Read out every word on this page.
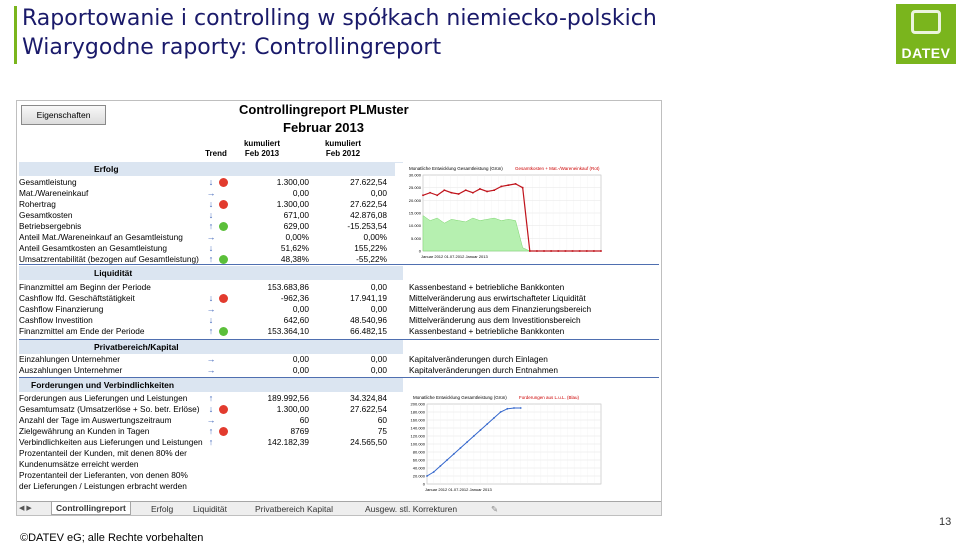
Raportowanie i controlling w spółkach niemiecko-polskich
Wiarygodne raporty: Controllingreport	DATEV
Eigenschaften	Controllingreport PLMuster
Februar 2013
Trend
kumuliert
Feb 2013
kumuliert
Feb 2012
Erfolg
Gesamtleistung	↓	1.300,00	27.622,54
Mat./Wareneinkauf	→	0,00	0,00
Rohertrag	↓	1.300,00	27.622,54
Gesamtkosten	↓	671,00	42.876,08
Betriebsergebnis	↑	629,00	-15.253,54
Anteil Mat./Wareneinkauf an Gesamtleistung	→	0,00%	0,00%
Anteil Gesamtkosten an Gesamtleistung	↓	51,62%	155,22%
Umsatzrentabilität (bezogen auf Gesamtleistung)	↑	48,38%	-55,22%
Liquidität
Finanzmittel am Beginn der Periode	153.683,86	0,00	Kassenbestand + betriebliche Bankkonten
Cashflow lfd. Geschäftstätigkeit	↓	-962,36	17.941,19	Mittelveränderung aus erwirtschafteter Liquidität
Cashflow Finanzierung	→	0,00	0,00	Mittelveränderung aus dem Finanzierungsbereich
Cashflow Investition	↓	642,60	48.540,96	Mittelveränderung aus dem Investitionsbereich
Finanzmittel am Ende der Periode	↑	153.364,10	66.482,15	Kassenbestand + betriebliche Bankkonten
Privatbereich/Kapital
Einzahlungen Unternehmer	→	0,00	0,00	Kapitalveränderungen durch Einlagen
Auszahlungen Unternehmer	→	0,00	0,00	Kapitalveränderungen durch Entnahmen
Forderungen und Verbindlichkeiten
Forderungen aus Lieferungen und Leistungen	↑	189.992,56	34.324,84
Gesamtumsatz (Umsatzerlöse + So. betr. Erlöse)	↓	1.300,00	27.622,54
Anzahl der Tage im Auswertungszeitraum	→	60	60
Zielgewährung an Kunden in Tagen	↑	8769	75
Verbindlichkeiten aus Lieferungen und Leistungen ↑	142.182,39	24.565,50
Prozentanteil der Kunden, mit denen 80% der
Kundenumsätze erreicht werden
Prozentanteil der Lieferanten, von denen 80%
der Lieferungen / Leistungen erbracht werden
Monatliche Entwicklung Gesamtleistung (Grün)	Gesamtkosten + Mat.-/Wareneinkauf (Rot)
30.000
25.000
20.000
15.000
10.000
5.000
0
Januar 2012 01.07.2012 Januar 2013
Monatliche Entwicklung Gesamtleistung (Grün)	Forderungen aus L.u.L. (Blau)
200.000
180.000
160.000
140.000
120.000
100.000
80.000
60.000
40.000
20.000
0
Januar 2012 01.07.2012 Januar 2013
◀ ▶	Controllingreport	Erfolg Liquidität	Privatbereich Kapital	Ausgew. stl. Korrekturen	✎
©DATEV eG; alle Rechte vorbehalten
13
